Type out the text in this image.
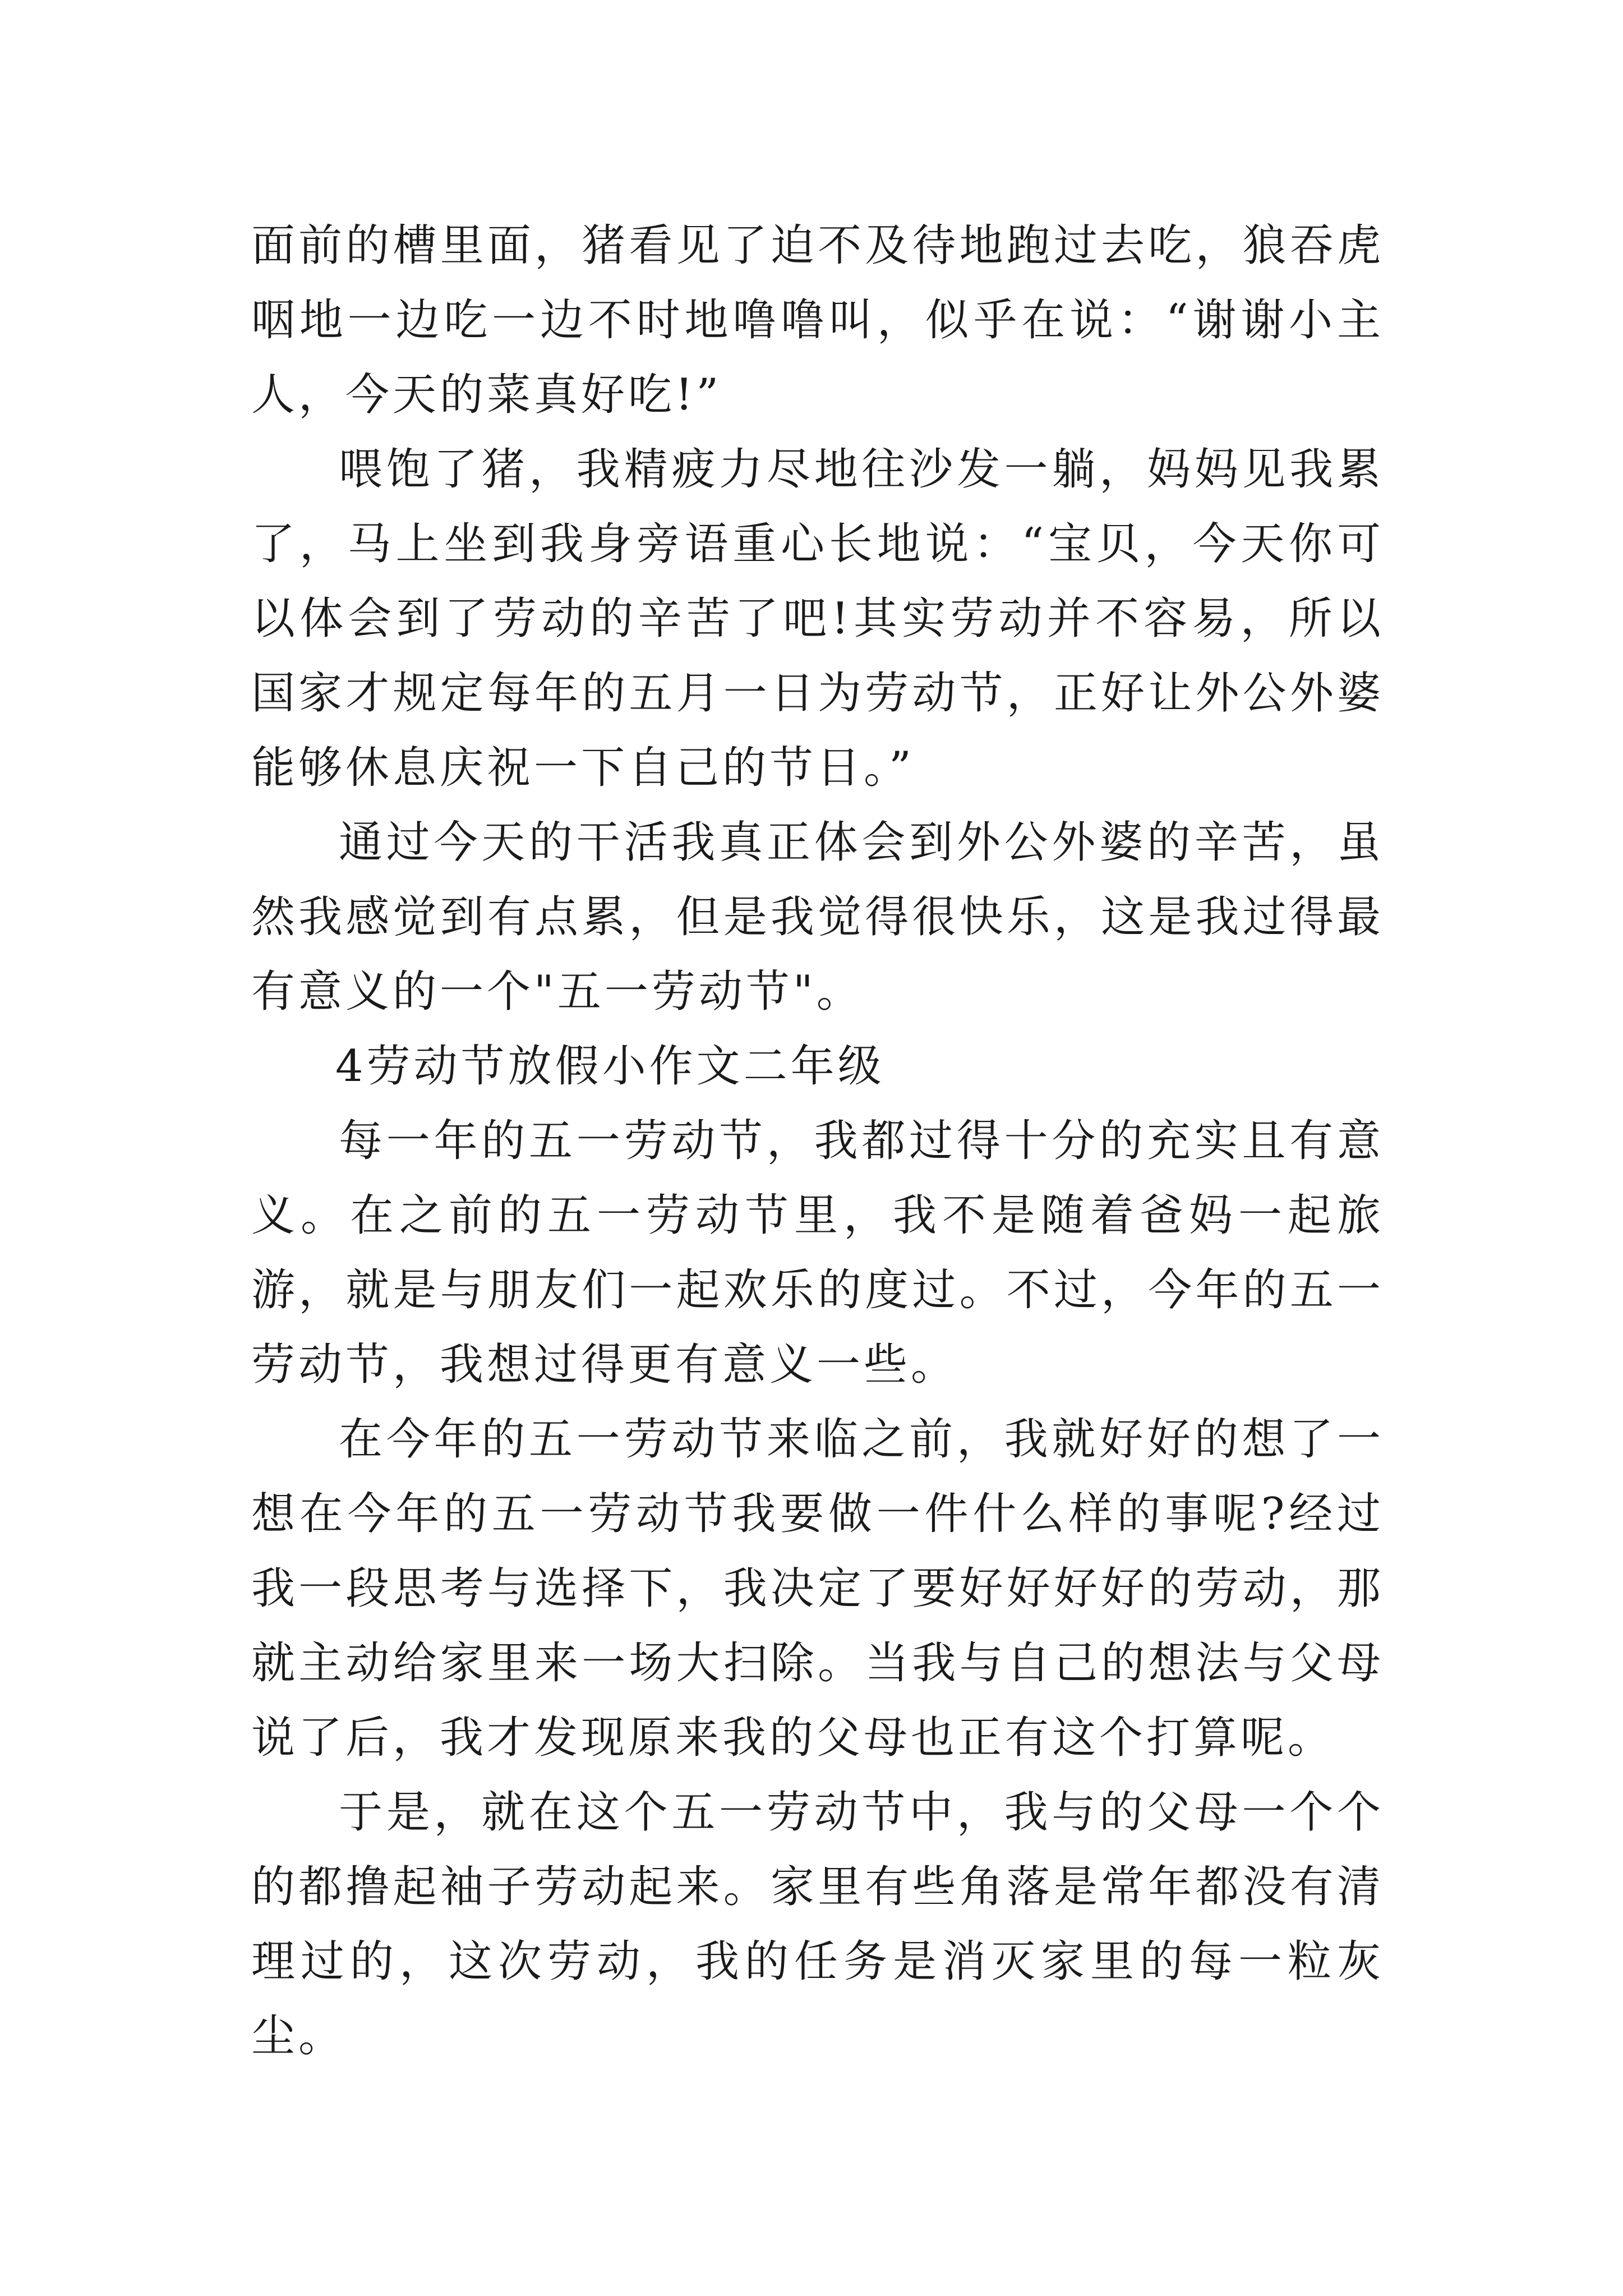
面前的槽里面，猪看见了迫不及待地跑过去吃，狼吞虎咽地一边吃一边不时地噜噜叫，似乎在说：“谢谢小主人，今天的菜真好吃!”

喂饱了猪，我精疲力尽地往沙发一躺，妈妈见我累了，马上坐到我身旁语重心长地说：“宝贝，今天你可以体会到了劳动的辛苦了吧!其实劳动并不容易，所以国家才规定每年的五月一日为劳动节，正好让外公外婆能够休息庆祝一下自己的节日。”

通过今天的干活我真正体会到外公外婆的辛苦，虽然我感觉到有点累，但是我觉得很快乐，这是我过得最有意义的一个"五一劳动节"。

4劳动节放假小作文二年级

每一年的五一劳动节，我都过得十分的充实且有意义。在之前的五一劳动节里，我不是随着爸妈一起旅游，就是与朋友们一起欢乐的度过。不过，今年的五一劳动节，我想过得更有意义一些。

在今年的五一劳动节来临之前，我就好好的想了一想在今年的五一劳动节我要做一件什么样的事呢?经过我一段思考与选择下，我决定了要好好好好的劳动，那就主动给家里来一场大扫除。当我与自己的想法与父母说了后，我才发现原来我的父母也正有这个打算呢。

于是，就在这个五一劳动节中，我与的父母一个个的都撸起袖子劳动起来。家里有些角落是常年都没有清理过的，这次劳动，我的任务是消灭家里的每一粒灰尘。
